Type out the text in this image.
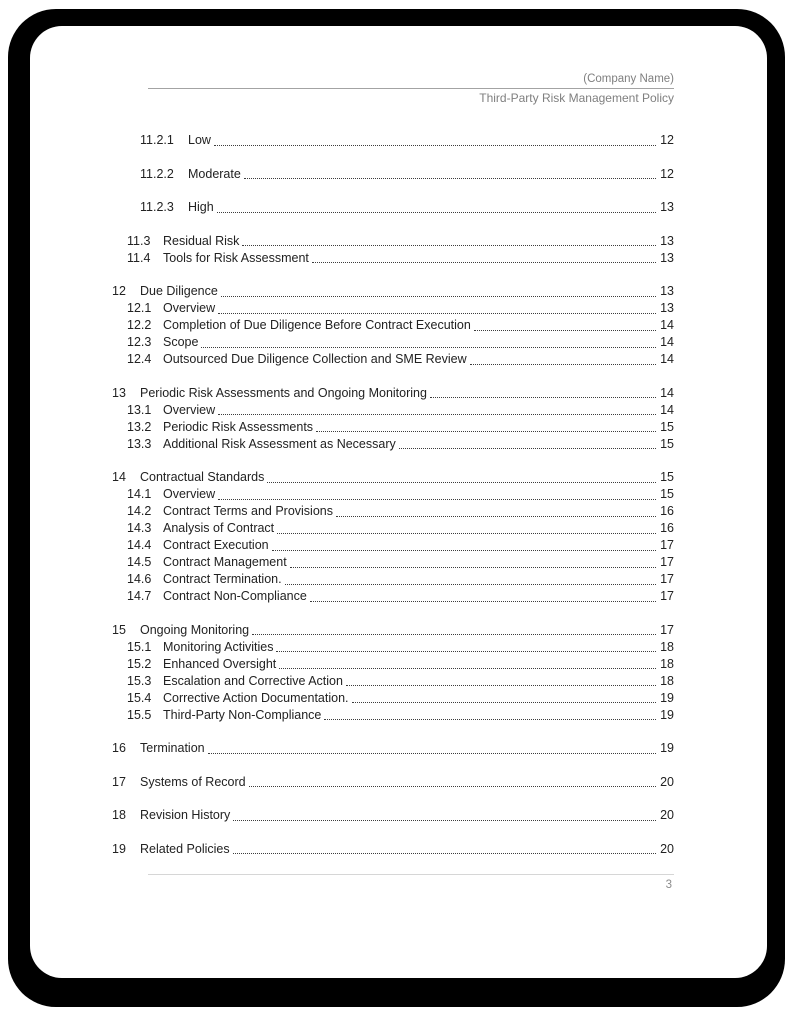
(Company Name)
Third-Party Risk Management Policy
11.2.1	Low	12
11.2.2	Moderate	12
11.2.3	High	13
11.3	Residual Risk	13
11.4	Tools for Risk Assessment	13
12	Due Diligence	13
12.1 Overview	13
12.2 Completion of Due Diligence Before Contract Execution	14
12.3 Scope	14
12.4 Outsourced Due Diligence Collection and SME Review	14
13	Periodic Risk Assessments and Ongoing Monitoring	14
13.1 Overview	14
13.2 Periodic Risk Assessments	15
13.3 Additional Risk Assessment as Necessary	15
14	Contractual Standards	15
14.1 Overview	15
14.2 Contract Terms and Provisions	16
14.3 Analysis of Contract	16
14.4 Contract Execution	17
14.5 Contract Management	17
14.6 Contract Termination.	17
14.7 Contract Non-Compliance	17
15	Ongoing Monitoring	17
15.1 Monitoring Activities	18
15.2 Enhanced Oversight	18
15.3 Escalation and Corrective Action	18
15.4 Corrective Action Documentation.	19
15.5 Third-Party Non-Compliance	19
16	Termination	19
17	Systems of Record	20
18	Revision History	20
19	Related Policies	20
3
